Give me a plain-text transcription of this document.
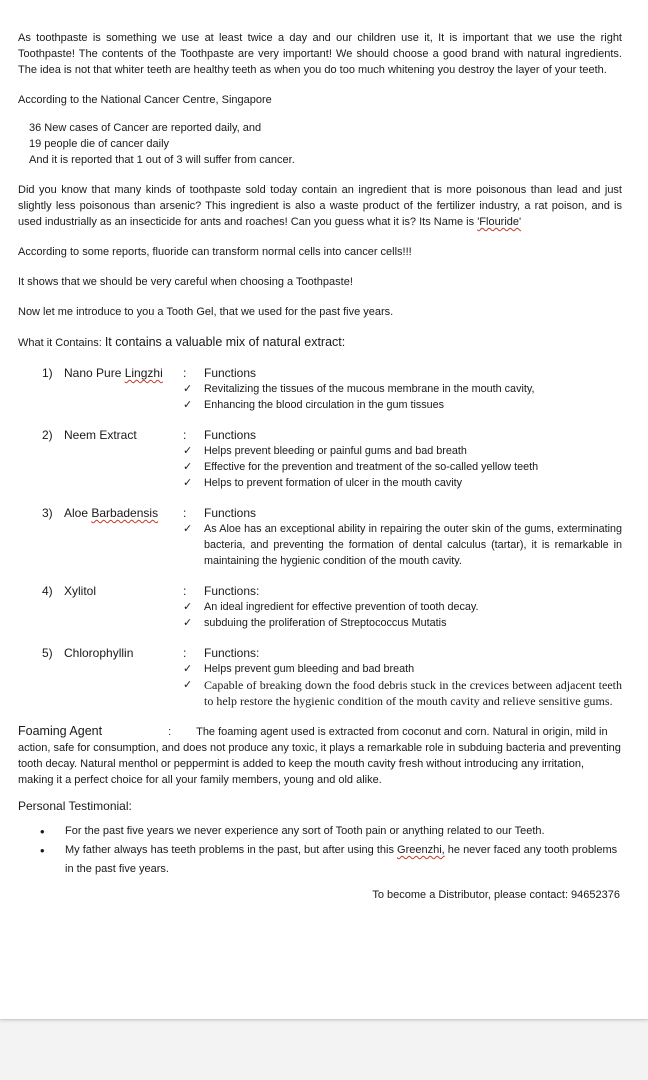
As toothpaste is something we use at least twice a day and our children use it, It is important that we use the right Toothpaste! The contents of the Toothpaste are very important! We should choose a good brand with natural ingredients. The idea is not that whiter teeth are healthy teeth as when you do too much whitening you destroy the layer of your teeth.

According to the National Cancer Centre, Singapore

36 New cases of Cancer are reported daily, and
19 people die of cancer daily
And it is reported that 1 out of 3 will suffer from cancer.

Did you know that many kinds of toothpaste sold today contain an ingredient that is more poisonous than lead and just slightly less poisonous than arsenic? This ingredient is also a waste product of the fertilizer industry, a rat poison, and is used industrially as an insecticide for ants and roaches! Can you guess what it is? Its Name is 'Flouride'

According to some reports, fluoride can transform normal cells into cancer cells!!!

It shows that we should be very careful when choosing a Toothpaste!

Now let me introduce to you a Tooth Gel, that we used for the past five years.

What it Contains: It contains a valuable mix of natural extract:

1) Nano Pure Lingzhi : Functions
✓ Revitalizing the tissues of the mucous membrane in the mouth cavity,
✓ Enhancing the blood circulation in the gum tissues
2) Neem Extract	: Functions
✓ Helps prevent bleeding or painful gums and bad breath
✓ Effective for the prevention and treatment of the so-called yellow teeth
✓ Helps to prevent formation of ulcer in the mouth cavity
3) Aloe Barbadensis : Functions
✓ As Aloe has an exceptional ability in repairing the outer skin of the gums, exterminating bacteria, and preventing the formation of dental calculus (tartar), it is remarkable in maintaining the hygienic condition of the mouth cavity.
4) Xylitol	: Functions:
✓ An ideal ingredient for effective prevention of tooth decay.
✓ subduing the proliferation of Streptococcus Mutatis
5) Chlorophyllin	: Functions:
✓ Helps prevent gum bleeding and bad breath
✓ Capable of breaking down the food debris stuck in the crevices between adjacent teeth to help restore the hygienic condition of the mouth cavity and relieve sensitive gums.

Foaming Agent	: The foaming agent used is extracted from coconut and corn. Natural in origin, mild in action, safe for consumption, and does not produce any toxic, it plays a remarkable role in subduing bacteria and preventing tooth decay. Natural menthol or peppermint is added to keep the mouth cavity fresh without introducing any irritation, making it a perfect choice for all your family members, young and old alike.

Personal Testimonial:

• For the past five years we never experience any sort of Tooth pain or anything related to our Teeth.
• My father always has teeth problems in the past, but after using this Greenzhi, he never faced any tooth problems in the past five years.

To become a Distributor, please contact: 94652376
